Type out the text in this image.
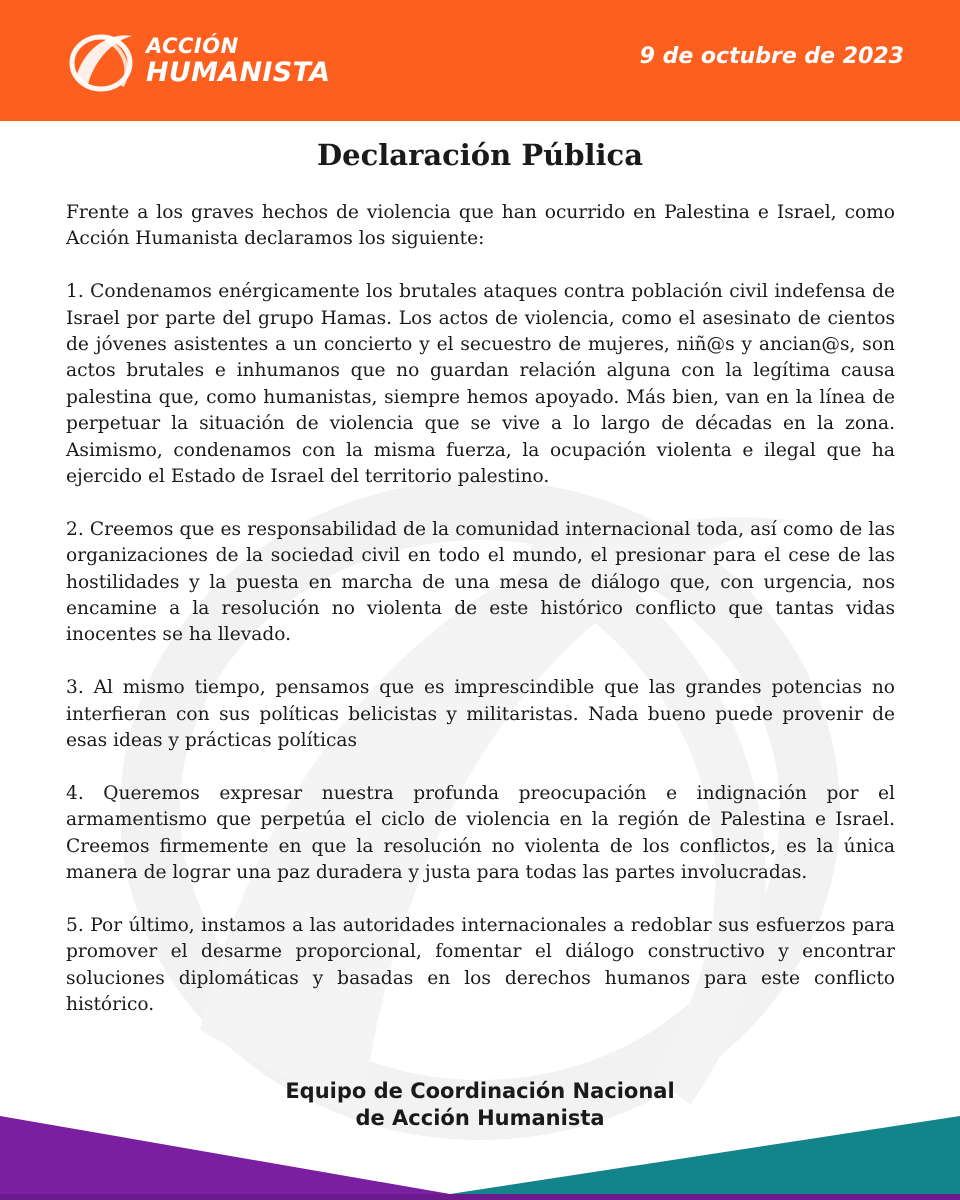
ACCIÓN
HUMANISTA
9 de octubre de 2023
Declaración Pública

Frente a los graves hechos de violencia que han ocurrido en Palestina e Israel, como Acción Humanista declaramos los siguiente:

1. Condenamos enérgicamente los brutales ataques contra población civil indefensa de Israel por parte del grupo Hamas. Los actos de violencia, como el asesinato de cientos de jóvenes asistentes a un concierto y el secuestro de mujeres, niñ@s y ancian@s, son actos brutales e inhumanos que no guardan relación alguna con la legítima causa palestina que, como humanistas, siempre hemos apoyado. Más bien, van en la línea de perpetuar la situación de violencia que se vive a lo largo de décadas en la zona. Asimismo, condenamos con la misma fuerza, la ocupación violenta e ilegal que ha ejercido el Estado de Israel del territorio palestino.

2. Creemos que es responsabilidad de la comunidad internacional toda, así como de las organizaciones de la sociedad civil en todo el mundo, el presionar para el cese de las hostilidades y la puesta en marcha de una mesa de diálogo que, con urgencia, nos encamine a la resolución no violenta de este histórico conflicto que tantas vidas inocentes se ha llevado.

3. Al mismo tiempo, pensamos que es imprescindible que las grandes potencias no interfieran con sus políticas belicistas y militaristas. Nada bueno puede provenir de esas ideas y prácticas políticas

4. Queremos expresar nuestra profunda preocupación e indignación por el armamentismo que perpetúa el ciclo de violencia en la región de Palestina e Israel. Creemos firmemente en que la resolución no violenta de los conflictos, es la única manera de lograr una paz duradera y justa para todas las partes involucradas.

5. Por último, instamos a las autoridades internacionales a redoblar sus esfuerzos para promover el desarme proporcional, fomentar el diálogo constructivo y encontrar soluciones diplomáticas y basadas en los derechos humanos para este conflicto histórico.

Equipo de Coordinación Nacional
de Acción Humanista
